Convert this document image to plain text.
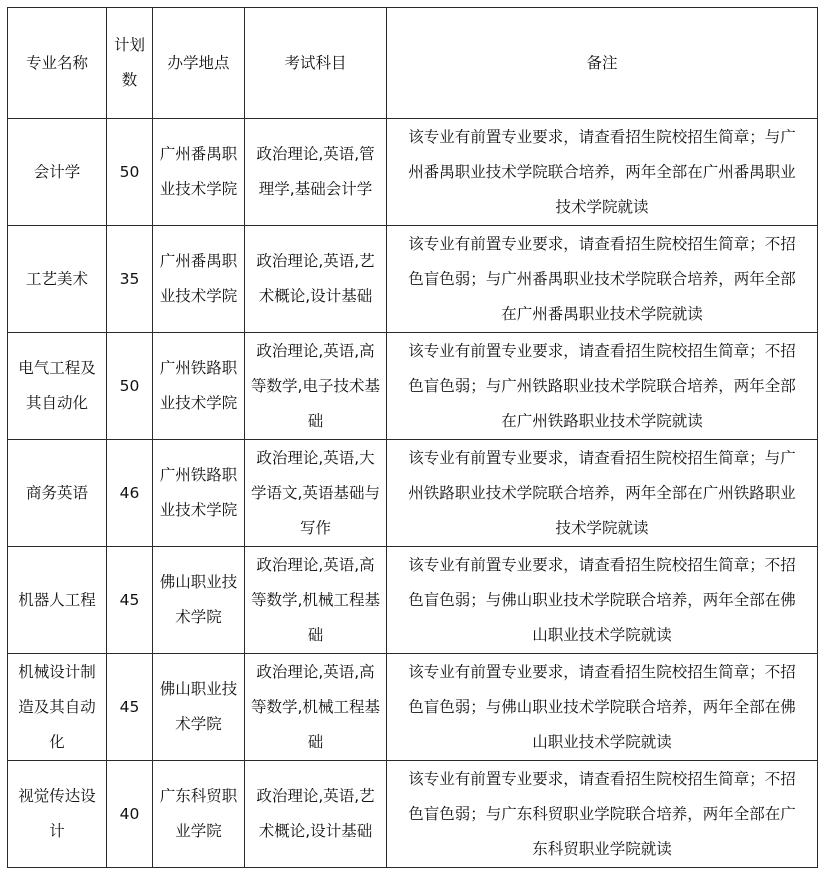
专业名称	计划数	办学地点	考试科目	备注
会计学	50	广州番禺职业技术学院	政治理论,英语,管理学,基础会计学	该专业有前置专业要求，请查看招生院校招生简章；与广州番禺职业技术学院联合培养，两年全部在广州番禺职业技术学院就读
工艺美术	35	广州番禺职业技术学院	政治理论,英语,艺术概论,设计基础	该专业有前置专业要求，请查看招生院校招生简章；不招色盲色弱；与广州番禺职业技术学院联合培养，两年全部在广州番禺职业技术学院就读
电气工程及其自动化	50	广州铁路职业技术学院	政治理论,英语,高等数学,电子技术基础	该专业有前置专业要求，请查看招生院校招生简章；不招色盲色弱；与广州铁路职业技术学院联合培养，两年全部在广州铁路职业技术学院就读
商务英语	46	广州铁路职业技术学院	政治理论,英语,大学语文,英语基础与写作	该专业有前置专业要求，请查看招生院校招生简章；与广州铁路职业技术学院联合培养，两年全部在广州铁路职业技术学院就读
机器人工程	45	佛山职业技术学院	政治理论,英语,高等数学,机械工程基础	该专业有前置专业要求，请查看招生院校招生简章；不招色盲色弱；与佛山职业技术学院联合培养，两年全部在佛山职业技术学院就读
机械设计制造及其自动化	45	佛山职业技术学院	政治理论,英语,高等数学,机械工程基础	该专业有前置专业要求，请查看招生院校招生简章；不招色盲色弱；与佛山职业技术学院联合培养，两年全部在佛山职业技术学院就读
视觉传达设计	40	广东科贸职业学院	政治理论,英语,艺术概论,设计基础	该专业有前置专业要求，请查看招生院校招生简章；不招色盲色弱；与广东科贸职业学院联合培养，两年全部在广东科贸职业学院就读
